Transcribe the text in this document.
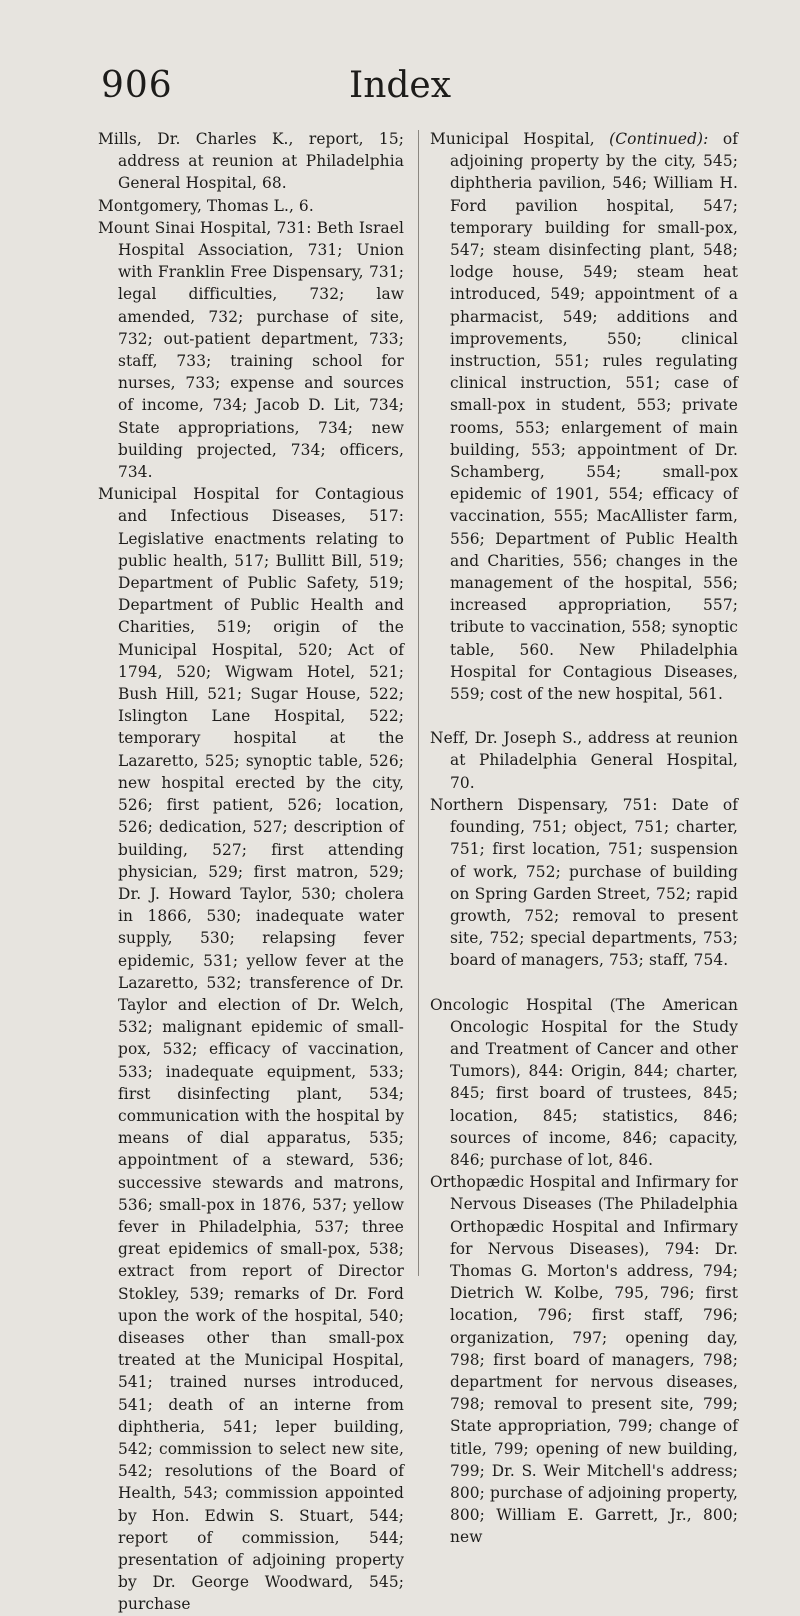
906	Index

Mills, Dr. Charles K., report, 15; address at reunion at Philadelphia General Hospital, 68.

Montgomery, Thomas L., 6.

Mount Sinai Hospital, 731: Beth Israel Hospital Association, 731; Union with Franklin Free Dispensary, 731; legal difficulties, 732; law amended, 732; purchase of site, 732; out-patient department, 733; staff, 733; training school for nurses, 733; expense and sources of income, 734; Jacob D. Lit, 734; State appropriations, 734; new building projected, 734; officers, 734.

Municipal Hospital for Contagious and Infectious Diseases, 517: Legislative enactments relating to public health, 517; Bullitt Bill, 519; Department of Public Safety, 519; Department of Public Health and Charities, 519; origin of the Municipal Hospital, 520; Act of 1794, 520; Wigwam Hotel, 521; Bush Hill, 521; Sugar House, 522; Islington Lane Hospital, 522; temporary hospital at the Lazaretto, 525; synoptic table, 526; new hospital erected by the city, 526; first patient, 526; location, 526; dedication, 527; description of building, 527; first attending physician, 529; first matron, 529; Dr. J. Howard Taylor, 530; cholera in 1866, 530; inadequate water supply, 530; relapsing fever epidemic, 531; yellow fever at the Lazaretto, 532; transference of Dr. Taylor and election of Dr. Welch, 532; malignant epidemic of small-pox, 532; efficacy of vaccination, 533; inadequate equipment, 533; first disinfecting plant, 534; communication with the hospital by means of dial apparatus, 535; appointment of a steward, 536; successive stewards and matrons, 536; small-pox in 1876, 537; yellow fever in Philadelphia, 537; three great epidemics of small-pox, 538; extract from report of Director Stokley, 539; remarks of Dr. Ford upon the work of the hospital, 540; diseases other than small-pox treated at the Municipal Hospital, 541; trained nurses introduced, 541; death of an interne from diphtheria, 541; leper building, 542; commission to select new site, 542; resolutions of the Board of Health, 543; commission appointed by Hon. Edwin S. Stuart, 544; report of commission, 544; presentation of adjoining property by Dr. George Woodward, 545; purchase

Municipal Hospital, (Continued): of adjoining property by the city, 545; diphtheria pavilion, 546; William H. Ford pavilion hospital, 547; temporary building for small-pox, 547; steam disinfecting plant, 548; lodge house, 549; steam heat introduced, 549; appointment of a pharmacist, 549; additions and improvements, 550; clinical instruction, 551; rules regulating clinical instruction, 551; case of small-pox in student, 553; private rooms, 553; enlargement of main building, 553; appointment of Dr. Schamberg, 554; small-pox epidemic of 1901, 554; efficacy of vaccination, 555; MacAllister farm, 556; Department of Public Health and Charities, 556; changes in the management of the hospital, 556; increased appropriation, 557; tribute to vaccination, 558; synoptic table, 560. New Philadelphia Hospital for Contagious Diseases, 559; cost of the new hospital, 561.

Neff, Dr. Joseph S., address at reunion at Philadelphia General Hospital, 70.

Northern Dispensary, 751: Date of founding, 751; object, 751; charter, 751; first location, 751; suspension of work, 752; purchase of building on Spring Garden Street, 752; rapid growth, 752; removal to present site, 752; special departments, 753; board of managers, 753; staff, 754.

Oncologic Hospital (The American Oncologic Hospital for the Study and Treatment of Cancer and other Tumors), 844: Origin, 844; charter, 845; first board of trustees, 845; location, 845; statistics, 846; sources of income, 846; capacity, 846; purchase of lot, 846.

Orthopædic Hospital and Infirmary for Nervous Diseases (The Philadelphia Orthopædic Hospital and Infirmary for Nervous Diseases), 794: Dr. Thomas G. Morton's address, 794; Dietrich W. Kolbe, 795, 796; first location, 796; first staff, 796; organization, 797; opening day, 798; first board of managers, 798; department for nervous diseases, 798; removal to present site, 799; State appropriation, 799; change of title, 799; opening of new building, 799; Dr. S. Weir Mitchell's address; 800; purchase of adjoining property, 800; William E. Garrett, Jr., 800; new
